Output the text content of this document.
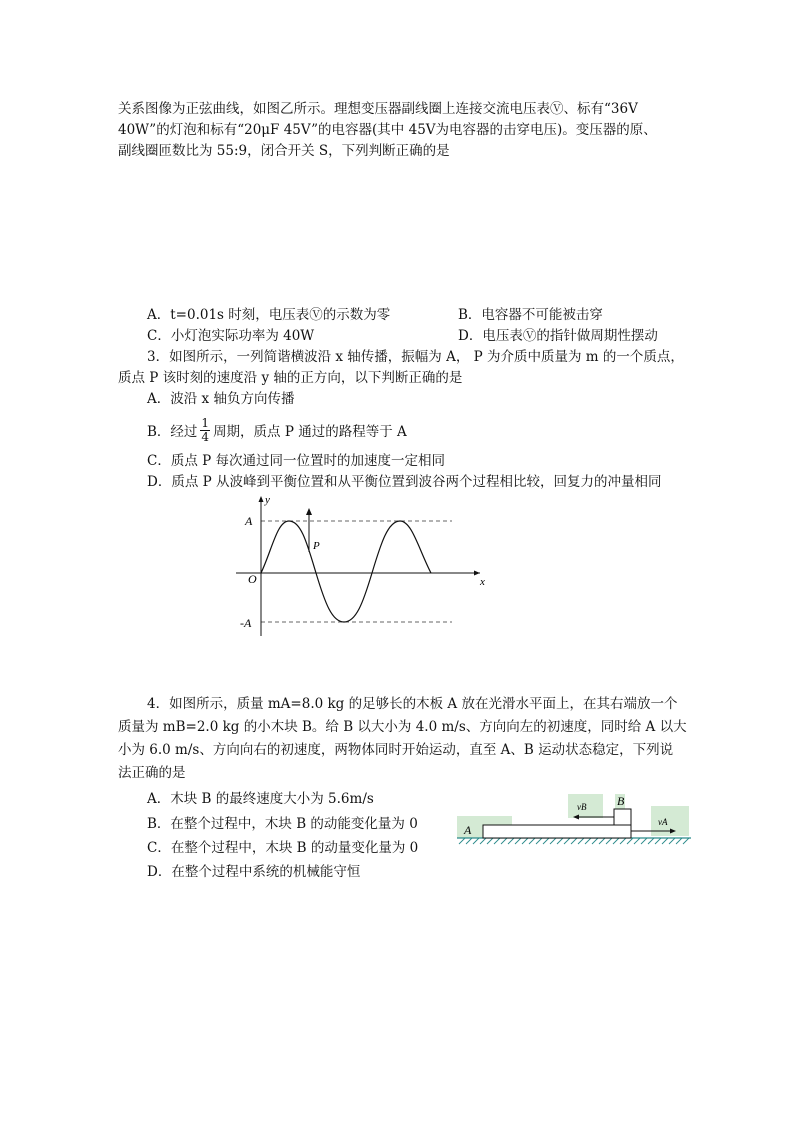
关系图像为正弦曲线，如图乙所示。理想变压器副线圈上连接交流电压表Ⓥ、标有“36V
40W”的灯泡和标有“20μF 45V”的电容器(其中 45V为电容器的击穿电压)。变压器的原、
副线圈匝数比为 55:9，闭合开关 S，下列判断正确的是
A．t=0.01s 时刻，电压表Ⓥ的示数为零	B．电容器不可能被击穿
C．小灯泡实际功率为 40W	D．电压表Ⓥ的指针做周期性摆动
3．如图所示，一列简谐横波沿 x 轴传播，振幅为 A， P 为介质中质量为 m 的一个质点，
质点 P 该时刻的速度沿 y 轴的正方向，以下判断正确的是
A．波沿 x 轴负方向传播
B．经过 $\frac{1}{4}$ 周期，质点 P 通过的路程等于 A
C．质点 P 每次通过同一位置时的加速度一定相同
D．质点 P 从波峰到平衡位置和从平衡位置到波谷两个过程相比较，回复力的冲量相同
A
-A
O	x
y
P
4．如图所示，质量 mA=8.0 kg 的足够长的木板 A 放在光滑水平面上，在其右端放一个
质量为 mB=2.0 kg 的小木块 B。给 B 以大小为 4.0 m/s、方向向左的初速度，同时给 A 以大
小为 6.0 m/s、方向向右的初速度，两物体同时开始运动，直至 A、B 运动状态稳定，下列说
法正确的是
A．木块 B 的最终速度大小为 5.6m/s
B．在整个过程中，木块 B 的动能变化量为 0
C．在整个过程中，木块 B 的动量变化量为 0
D．在整个过程中系统的机械能守恒
A
B
vB
vA
